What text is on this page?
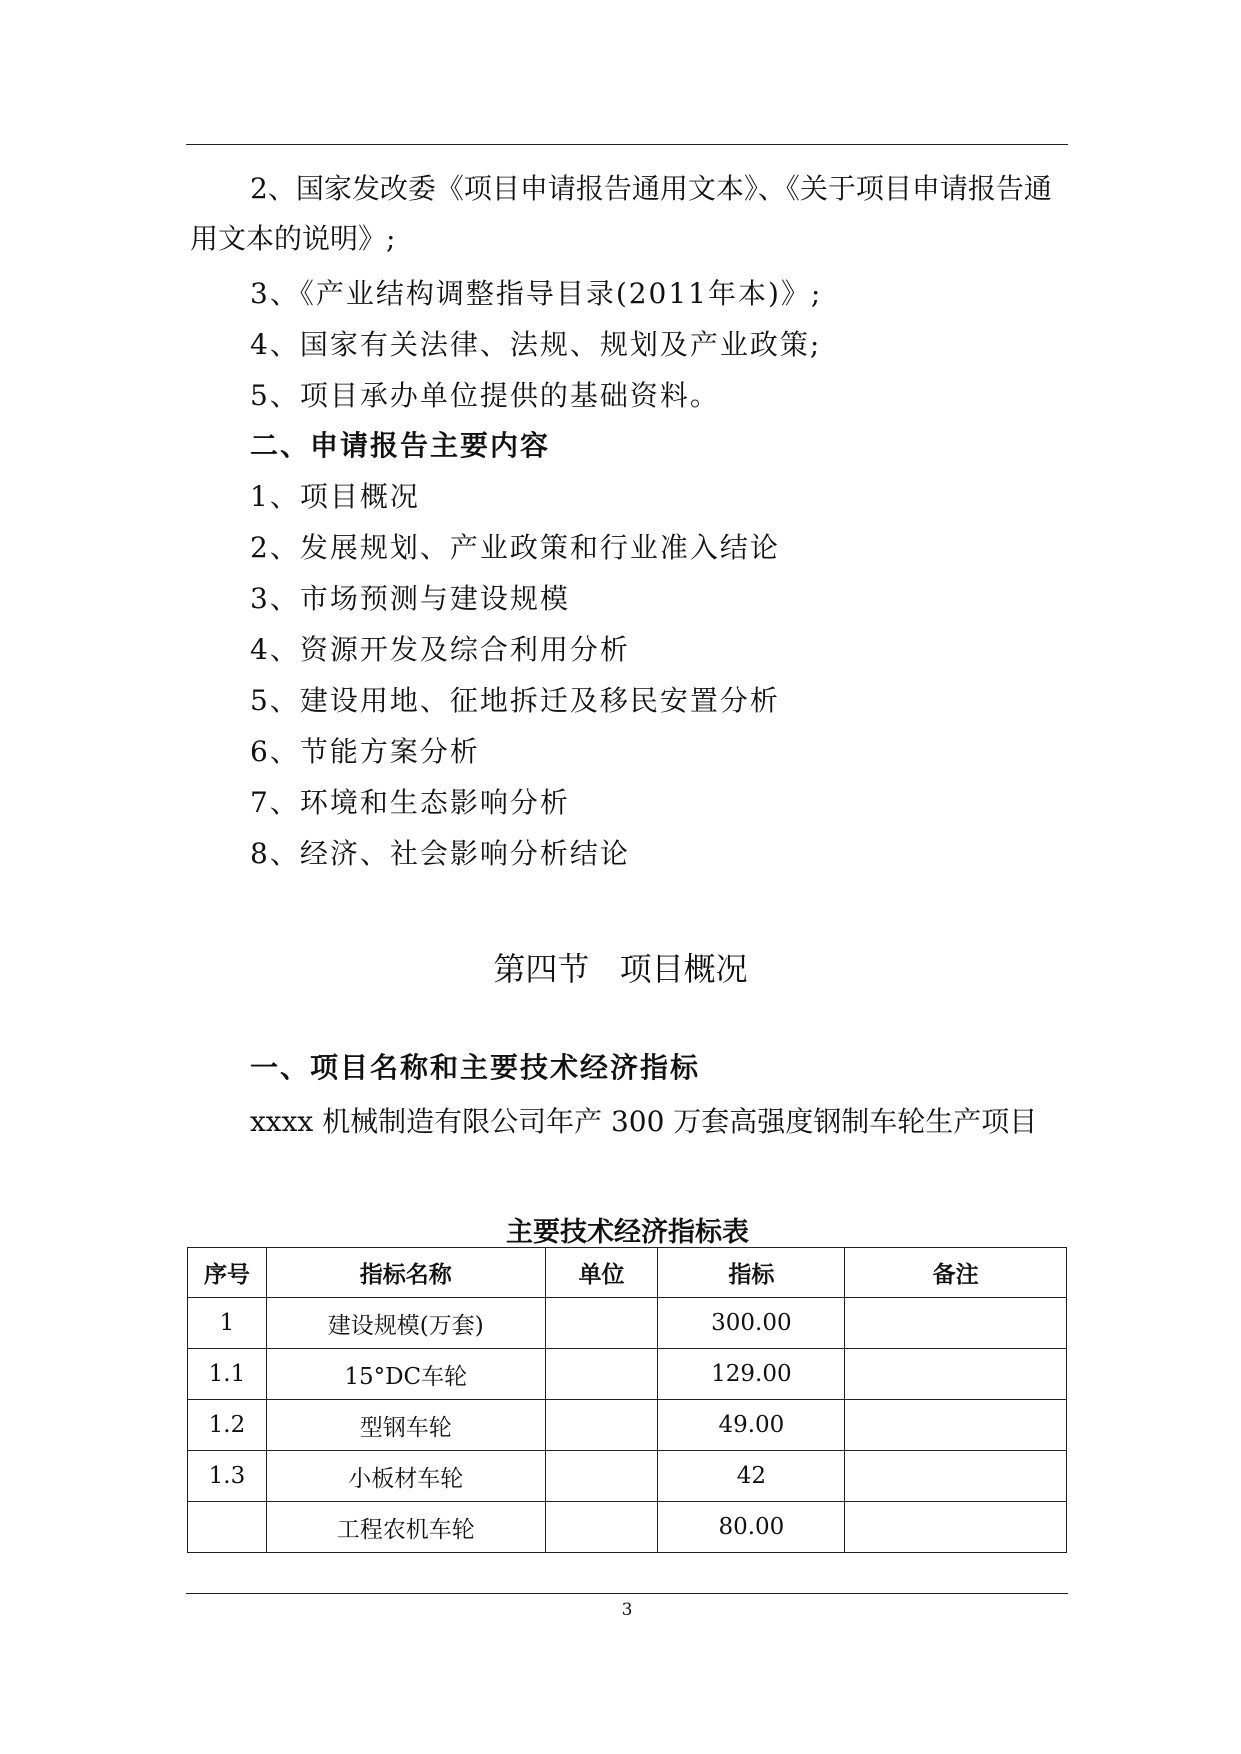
2、国家发改委《项目申请报告通用文本》、《关于项目申请报告通用文本的说明》;
3、《产业结构调整指导目录(2011年本)》;
4、国家有关法律、法规、规划及产业政策;
5、项目承办单位提供的基础资料。
二、申请报告主要内容
1、项目概况
2、发展规划、产业政策和行业准入结论
3、市场预测与建设规模
4、资源开发及综合利用分析
5、建设用地、征地拆迁及移民安置分析
6、节能方案分析
7、环境和生态影响分析
8、经济、社会影响分析结论
第四节 项目概况
一、项目名称和主要技术经济指标
xxxx 机械制造有限公司年产 300 万套高强度钢制车轮生产项目
主要技术经济指标表
序号	指标名称	单位	指标	备注
1	建设规模(万套)		300.00	
1.1	15°DC车轮		129.00	
1.2	型钢车轮		49.00	
1.3	小板材车轮		42	
	工程农机车轮		80.00	
3
